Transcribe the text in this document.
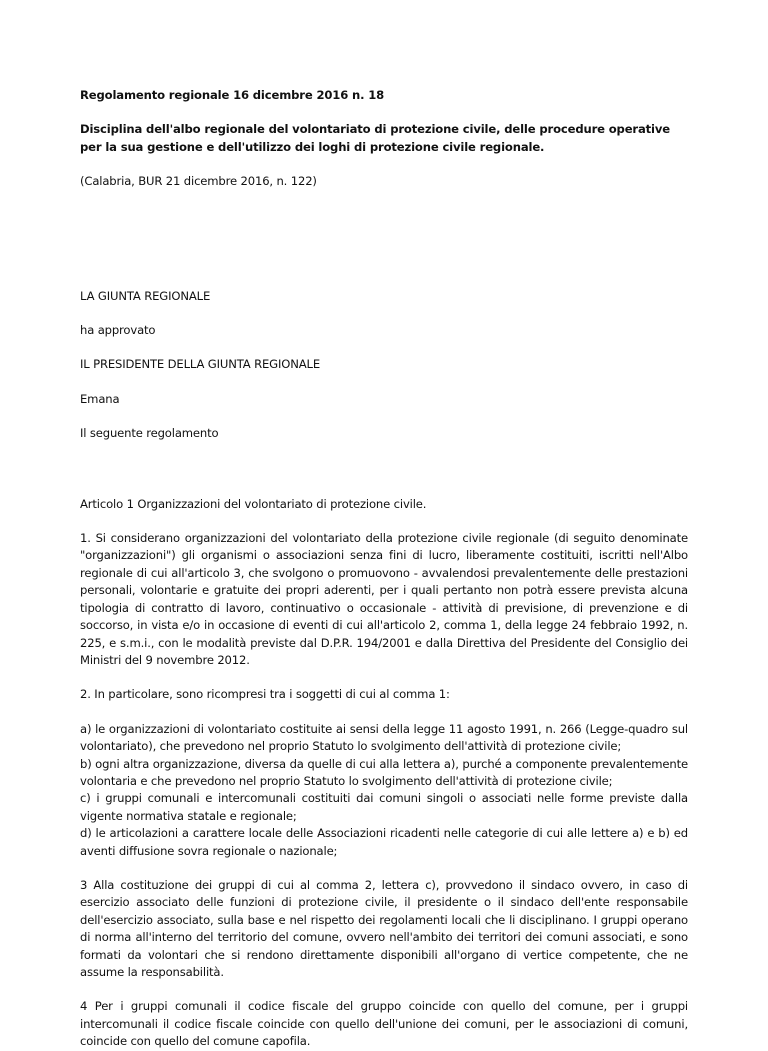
Regolamento regionale 16 dicembre 2016 n. 18

Disciplina dell'albo regionale del volontariato di protezione civile, delle procedure operative per la sua gestione e dell'utilizzo dei loghi di protezione civile regionale.

(Calabria, BUR 21 dicembre 2016, n. 122)

LA GIUNTA REGIONALE

ha approvato

IL PRESIDENTE DELLA GIUNTA REGIONALE

Emana

Il seguente regolamento

Articolo 1 Organizzazioni del volontariato di protezione civile.

1. Si considerano organizzazioni del volontariato della protezione civile regionale (di seguito denominate "organizzazioni") gli organismi o associazioni senza fini di lucro, liberamente costituiti, iscritti nell'Albo regionale di cui all'articolo 3, che svolgono o promuovono - avvalendosi prevalentemente delle prestazioni personali, volontarie e gratuite dei propri aderenti, per i quali pertanto non potrà essere prevista alcuna tipologia di contratto di lavoro, continuativo o occasionale - attività di previsione, di prevenzione e di soccorso, in vista e/o in occasione di eventi di cui all'articolo 2, comma 1, della legge 24 febbraio 1992, n. 225, e s.m.i., con le modalità previste dal D.P.R. 194/2001 e dalla Direttiva del Presidente del Consiglio dei Ministri del 9 novembre 2012.

2. In particolare, sono ricompresi tra i soggetti di cui al comma 1:

a) le organizzazioni di volontariato costituite ai sensi della legge 11 agosto 1991, n. 266 (Legge-quadro sul volontariato), che prevedono nel proprio Statuto lo svolgimento dell'attività di protezione civile;

b) ogni altra organizzazione, diversa da quelle di cui alla lettera a), purché a componente prevalentemente volontaria e che prevedono nel proprio Statuto lo svolgimento dell'attività di protezione civile;

c) i gruppi comunali e intercomunali costituiti dai comuni singoli o associati nelle forme previste dalla vigente normativa statale e regionale;

d) le articolazioni a carattere locale delle Associazioni ricadenti nelle categorie di cui alle lettere a) e b) ed aventi diffusione sovra regionale o nazionale;

3 Alla costituzione dei gruppi di cui al comma 2, lettera c), provvedono il sindaco ovvero, in caso di esercizio associato delle funzioni di protezione civile, il presidente o il sindaco dell'ente responsabile dell'esercizio associato, sulla base e nel rispetto dei regolamenti locali che li disciplinano. I gruppi operano di norma all'interno del territorio del comune, ovvero nell'ambito dei territori dei comuni associati, e sono formati da volontari che si rendono direttamente disponibili all'organo di vertice competente, che ne assume la responsabilità.

4 Per i gruppi comunali il codice fiscale del gruppo coincide con quello del comune, per i gruppi intercomunali il codice fiscale coincide con quello dell'unione dei comuni, per le associazioni di comuni, coincide con quello del comune capofila.
